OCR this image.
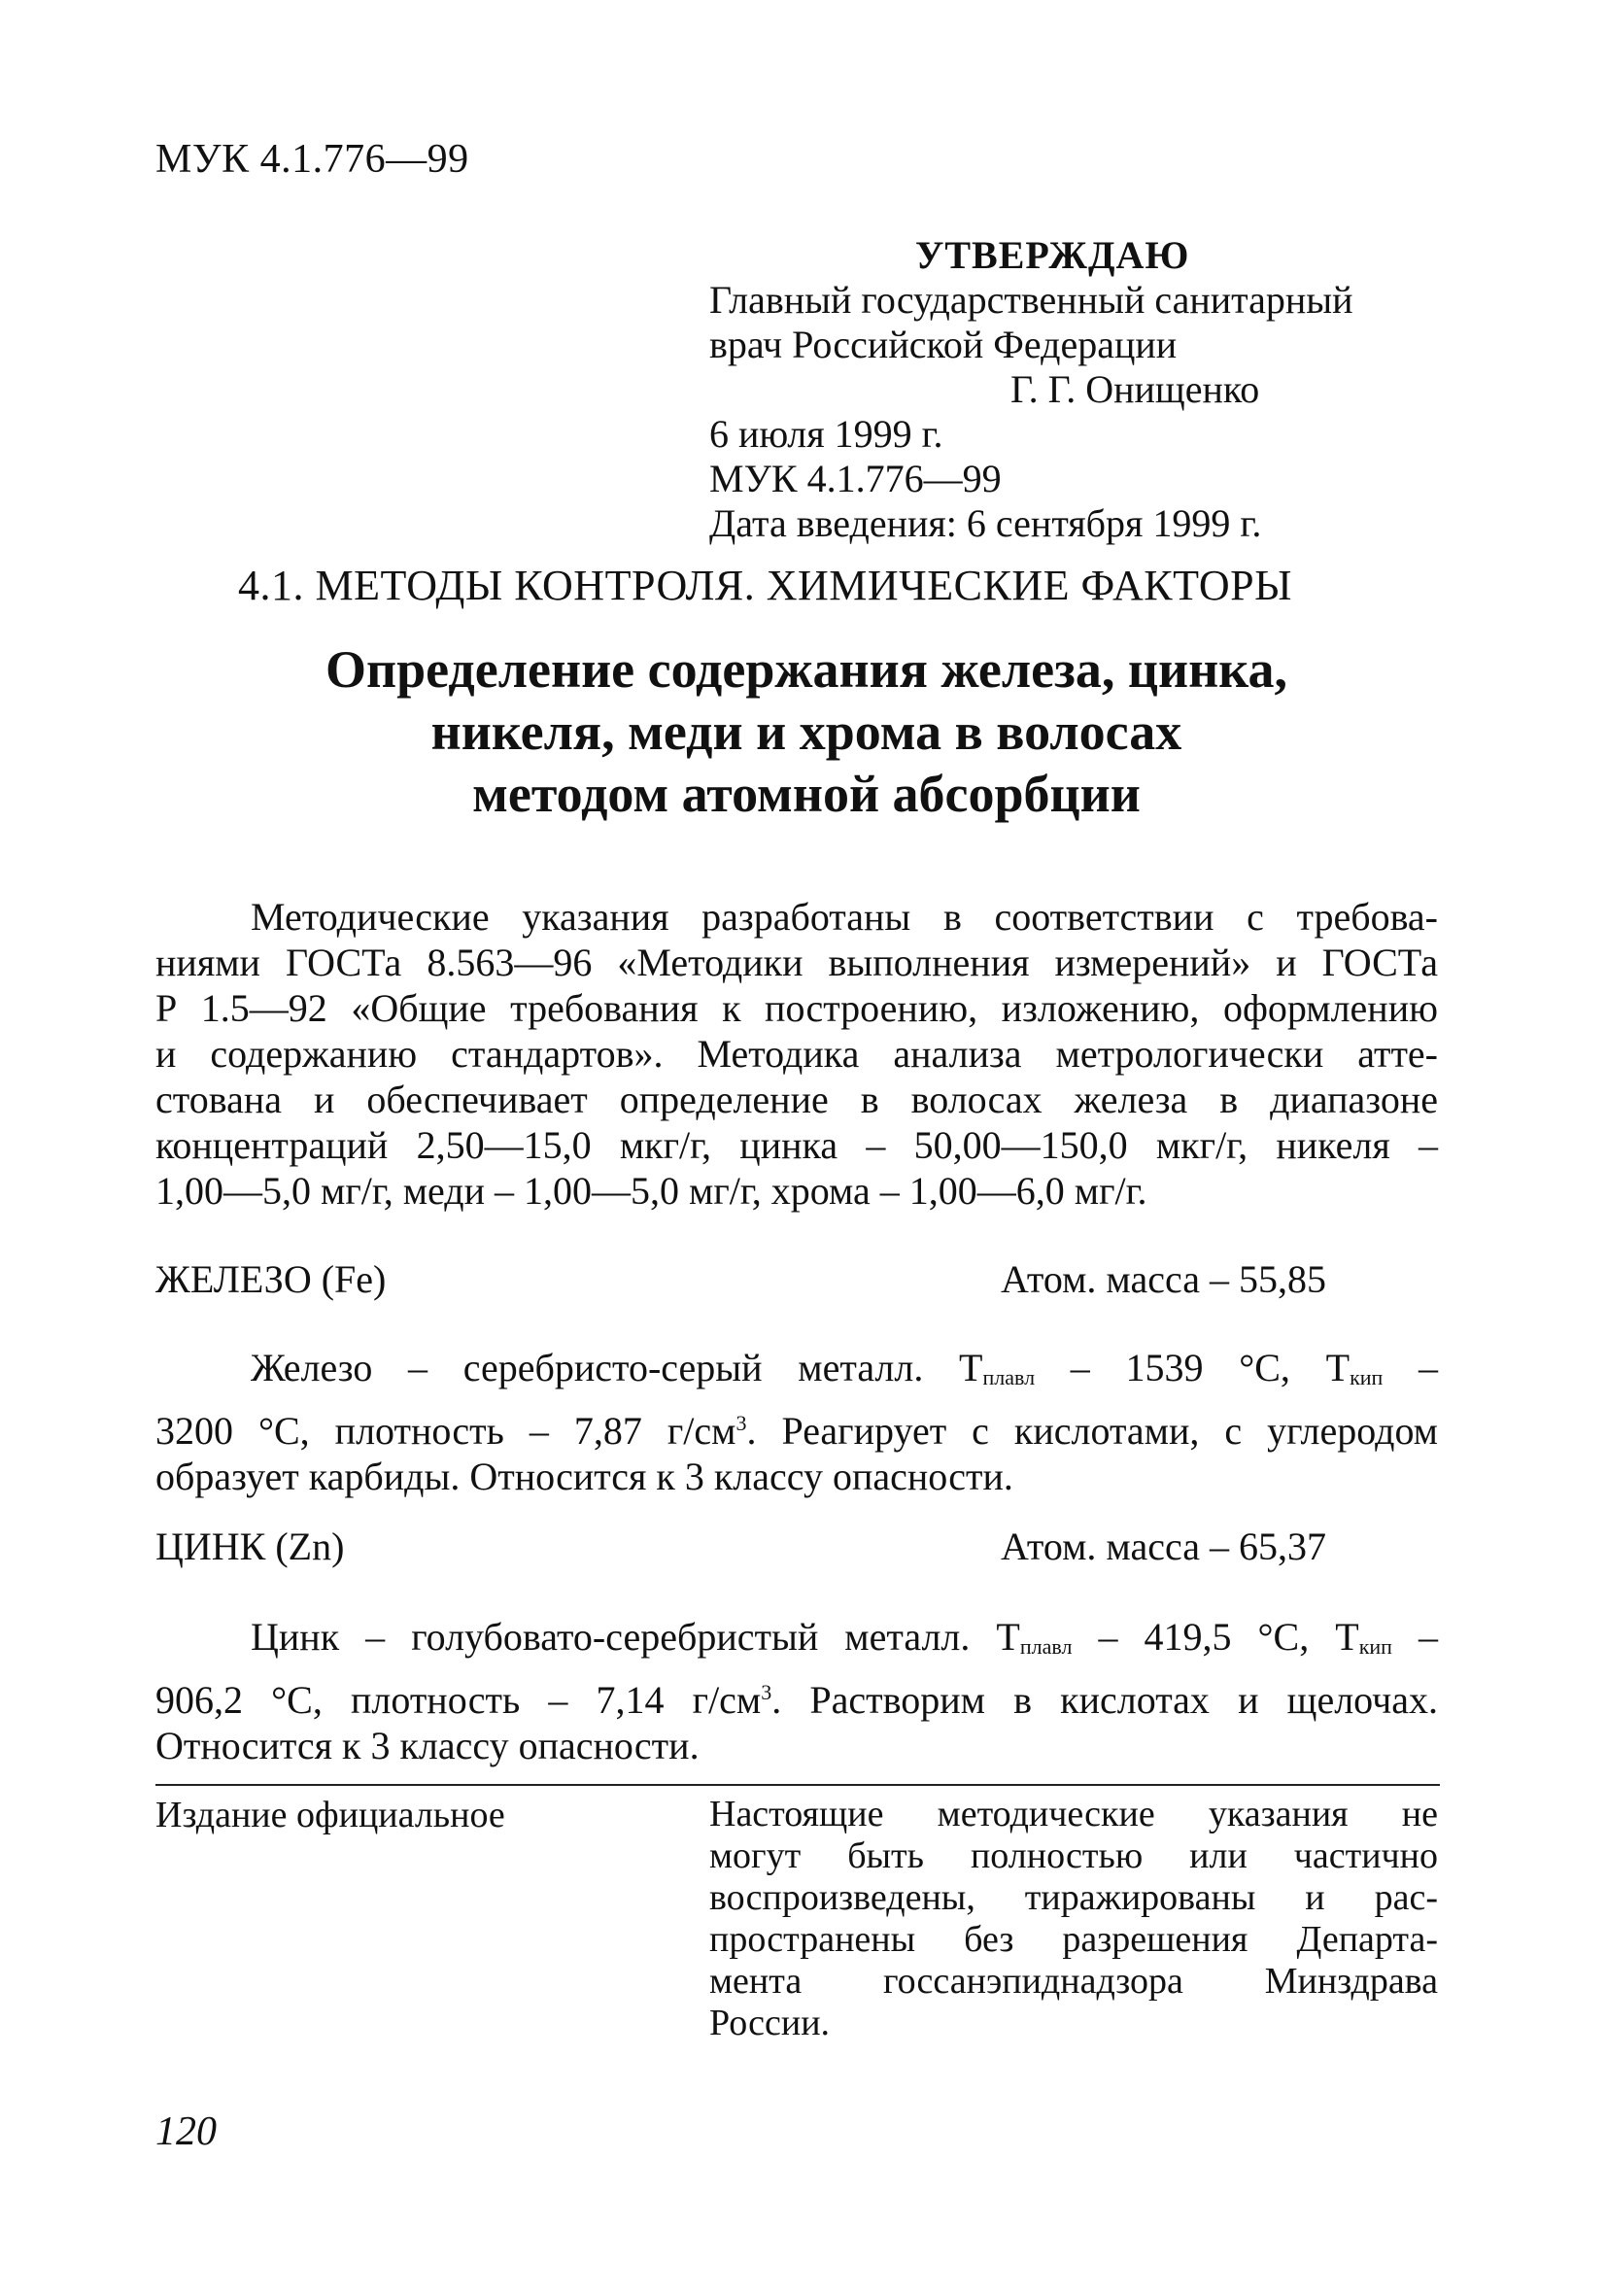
МУК 4.1.776—99
УТВЕРЖДАЮ
Главный государственный санитарный
врач Российской Федерации
Г. Г. Онищенко
6 июля 1999 г.
МУК 4.1.776—99
Дата введения: 6 сентября 1999 г.
4.1. МЕТОДЫ КОНТРОЛЯ. ХИМИЧЕСКИЕ ФАКТОРЫ
Определение содержания железа, цинка,
никеля, меди и хрома в волосах
методом атомной абсорбции
Методические указания разработаны в соответствии с требова-
ниями ГОСТа 8.563—96 «Методики выполнения измерений» и ГОСТа
Р 1.5—92 «Общие требования к построению, изложению, оформлению
и содержанию стандартов». Методика анализа метрологически атте-
стована и обеспечивает определение в волосах железа в диапазоне
концентраций 2,50—15,0 мкг/г, цинка – 50,00—150,0 мкг/г, никеля –
1,00—5,0 мг/г, меди – 1,00—5,0 мг/г, хрома – 1,00—6,0 мг/г.
ЖЕЛЕЗО (Fe)	Атом. масса – 55,85
Железо – серебристо-серый металл. Тплавл – 1539 °С, Ткип –
3200 °С, плотность – 7,87 $г/см^3$. Реагирует с кислотами, с углеродом
образует карбиды. Относится к 3 классу опасности.
ЦИНК (Zn)	Атом. масса – 65,37
Цинк – голубовато-серебристый металл. Тплавл – 419,5 °С, Ткип –
906,2 °С, плотность – 7,14 $г/см^3$. Растворим в кислотах и щелочах.
Относится к 3 классу опасности.
Издание официальное	Настоящие методические указания не
могут быть полностью или частично
воспроизведены, тиражированы и рас-
пространены без разрешения Департа-
мента госсанэпиднадзора Минздрава
России.
120
